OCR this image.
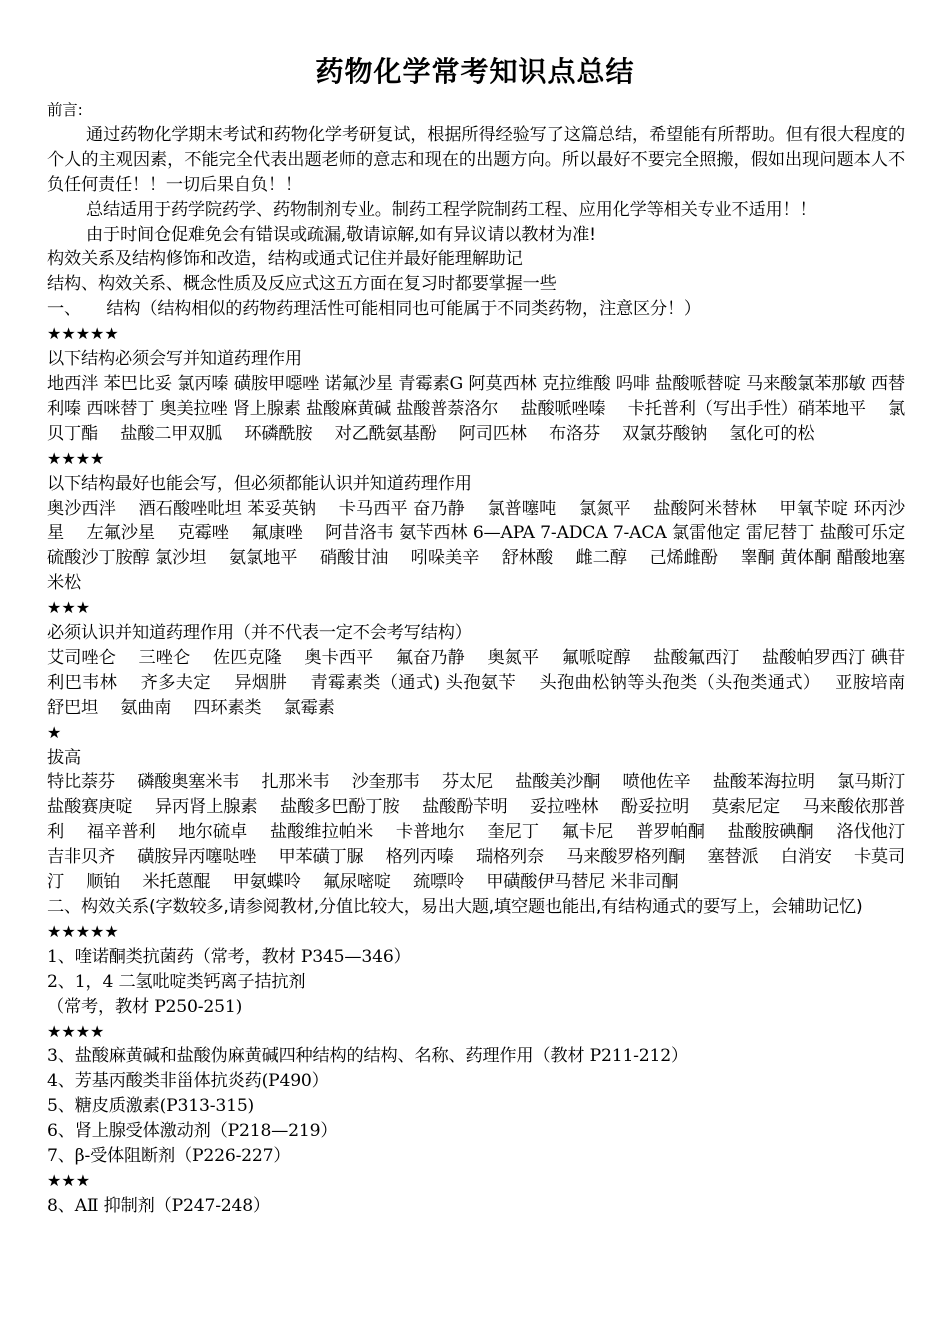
药物化学常考知识点总结

前言:

通过药物化学期末考试和药物化学考研复试，根据所得经验写了这篇总结，希望能有所帮助。但有很大程度的个人的主观因素，不能完全代表出题老师的意志和现在的出题方向。所以最好不要完全照搬，假如出现问题本人不负任何责任！！一切后果自负！！

总结适用于药学院药学、药物制剂专业。制药工程学院制药工程、应用化学等相关专业不适用！！

由于时间仓促难免会有错误或疏漏,敬请谅解,如有异议请以教材为准!

构效关系及结构修饰和改造，结构或通式记住并最好能理解助记

结构、构效关系、概念性质及反应式这五方面在复习时都要掌握一些

一、　　结构（结构相似的药物药理活性可能相同也可能属于不同类药物，注意区分！）

★★★★★

以下结构必须会写并知道药理作用

地西泮 苯巴比妥 氯丙嗪 磺胺甲噁唑 诺氟沙星 青霉素G 阿莫西林 克拉维酸 吗啡 盐酸哌替啶 马来酸氯苯那敏 西替利嗪 西咪替丁 奥美拉唑 肾上腺素 盐酸麻黄碱 盐酸普萘洛尔　 盐酸哌唑嗪　 卡托普利（写出手性）硝苯地平　 氯贝丁酯　 盐酸二甲双胍　 环磷酰胺　 对乙酰氨基酚　 阿司匹林　 布洛芬　 双氯芬酸钠　 氢化可的松

★★★★

以下结构最好也能会写，但必须都能认识并知道药理作用

奥沙西泮　 酒石酸唑吡坦 苯妥英钠　 卡马西平 奋乃静　 氯普噻吨　 氯氮平　 盐酸阿米替林　 甲氧苄啶 环丙沙星　 左氟沙星　 克霉唑　 氟康唑　 阿昔洛韦 氨苄西林 6—APA 7-ADCA 7-ACA 氯雷他定 雷尼替丁 盐酸可乐定　 硫酸沙丁胺醇 氯沙坦　 氨氯地平　 硝酸甘油　 吲哚美辛　 舒林酸　 雌二醇　 己烯雌酚　 睾酮 黄体酮 醋酸地塞米松

★★★

必须认识并知道药理作用（并不代表一定不会考写结构）

艾司唑仑　 三唑仑　 佐匹克隆　 奥卡西平　 氟奋乃静　 奥氮平　 氟哌啶醇　 盐酸氟西汀　 盐酸帕罗西汀 碘苷　 利巴韦林　 齐多夫定　 异烟肼　 青霉素类（通式) 头孢氨苄　 头孢曲松钠等头孢类（头孢类通式）　 亚胺培南　 舒巴坦　 氨曲南　 四环素类　 氯霉素

★

拔高

特比萘芬　 磷酸奥塞米韦　 扎那米韦　 沙奎那韦　 芬太尼　 盐酸美沙酮　 喷他佐辛　 盐酸苯海拉明　 氯马斯汀　 盐酸赛庚啶　 异丙肾上腺素　 盐酸多巴酚丁胺　 盐酸酚苄明　 妥拉唑林　 酚妥拉明　 莫索尼定　 马来酸依那普利　 福辛普利　 地尔硫卓　 盐酸维拉帕米　 卡普地尔　 奎尼丁　 氟卡尼　 普罗帕酮　 盐酸胺碘酮　 洛伐他汀　 吉非贝齐　 磺胺异丙噻哒唑　 甲苯磺丁脲　 格列丙嗪　 瑞格列奈　 马来酸罗格列酮　 塞替派　 白消安　 卡莫司汀　 顺铂　 米托蒽醌　 甲氨蝶呤　 氟尿嘧啶　 巯嘌呤　 甲磺酸伊马替尼 米非司酮

二、构效关系(字数较多,请参阅教材,分值比较大，易出大题,填空题也能出,有结构通式的要写上，会辅助记忆)

★★★★★

1、喹诺酮类抗菌药（常考，教材 P345—346）

2、1，4 二氢吡啶类钙离子拮抗剂

（常考，教材 P250-251)

★★★★

3、盐酸麻黄碱和盐酸伪麻黄碱四种结构的结构、名称、药理作用（教材 P211-212）

4、芳基丙酸类非甾体抗炎药(P490）

5、糖皮质激素(P313-315)

6、肾上腺受体激动剂（P218—219）

7、β-受体阻断剂（P226-227）

★★★

8、AⅡ 抑制剂（P247-248）
